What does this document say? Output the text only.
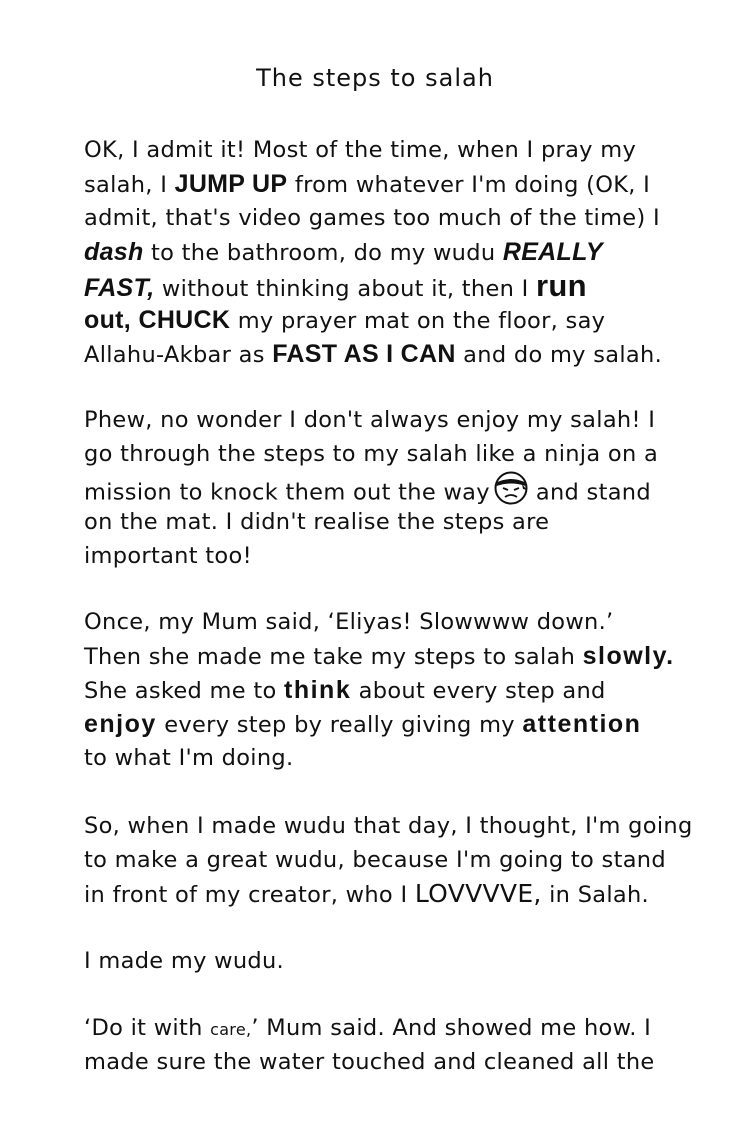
The steps to salah
OK, I admit it! Most of the time, when I pray my
salah, I JUMP UP from whatever I'm doing (OK, I
admit, that's video games too much of the time) I
dash to the bathroom, do my wudu REALLY
FAST, without thinking about it, then I run
out, CHUCK my prayer mat on the floor, say
Allahu-Akbar as FAST AS I CAN and do my salah.
Phew, no wonder I don't always enjoy my salah! I
go through the steps to my salah like a ninja on a
mission to knock them out the way and stand
on the mat. I didn't realise the steps are
important too!
Once, my Mum said, ‘Eliyas! Slowwww down.’
Then she made me take my steps to salah slowly.
She asked me to think about every step and
enjoy every step by really giving my attention
to what I'm doing.
So, when I made wudu that day, I thought, I'm going
to make a great wudu, because I'm going to stand
in front of my creator, who I LOVVVVE, in Salah.
I made my wudu.
‘Do it with care,’ Mum said. And showed me how. I
made sure the water touched and cleaned all the
